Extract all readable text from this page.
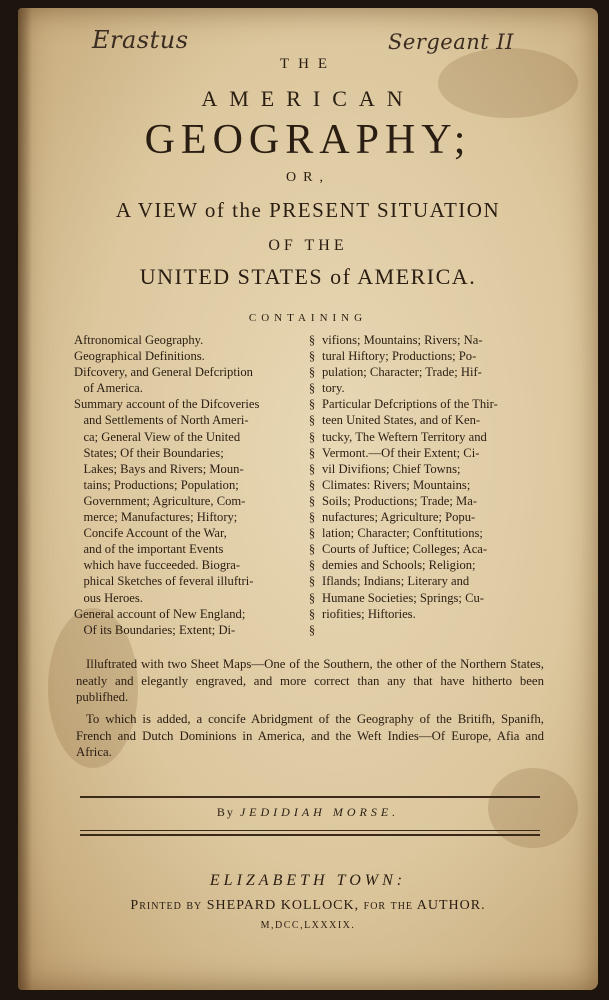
Erastus	Sergeant II
THE
AMERICAN
GEOGRAPHY;
OR,
A VIEW of the PRESENT SITUATION
OF THE
UNITED STATES of AMERICA.
CONTAINING
Aftronomical Geography.
Geographical Definitions.
Difcovery, and General Defcription
of America.
Summary account of the Difcoveries
and Settlements of North Ameri-
ca; General View of the United
States; Of their Boundaries;
Lakes; Bays and Rivers; Moun-
tains; Productions; Population;
Government; Agriculture, Com-
merce; Manufactures; Hiftory;
Concife Account of the War,
and of the important Events
which have fucceeded. Biogra-
phical Sketches of feveral illuftri-
ous Heroes.
General account of New England;
Of its Boundaries; Extent; Di-
§
§
§
§
§
§
§
§
§
§
§
§
§
§
§
§
§
§
§
vifions; Mountains; Rivers; Na-
tural Hiftory; Productions; Po-
pulation; Character; Trade; Hif-
tory.
Particular Defcriptions of the Thir-
teen United States, and of Ken-
tucky, The Weftern Territory and
Vermont.—Of their Extent; Ci-
vil Divifions; Chief Towns;
Climates: Rivers; Mountains;
Soils; Productions; Trade; Ma-
nufactures; Agriculture; Popu-
lation; Character; Conftitutions;
Courts of Juftice; Colleges; Aca-
demies and Schools; Religion;
Iflands; Indians; Literary and
Humane Societies; Springs; Cu-
riofities; Hiftories.
Illuftrated with two Sheet Maps—One of the Southern, the other of the Northern States, neatly and elegantly engraved, and more correct than any that have hitherto been publifhed.
To which is added, a concife Abridgment of the Geography of the Britifh, Spanifh, French and Dutch Dominions in America, and the Weft Indies—Of Europe, Afia and Africa.
By JEDIDIAH MORSE.
ELIZABETH TOWN:
Printed by SHEPARD KOLLOCK, for the AUTHOR.
M,DCC,LXXXIX.
